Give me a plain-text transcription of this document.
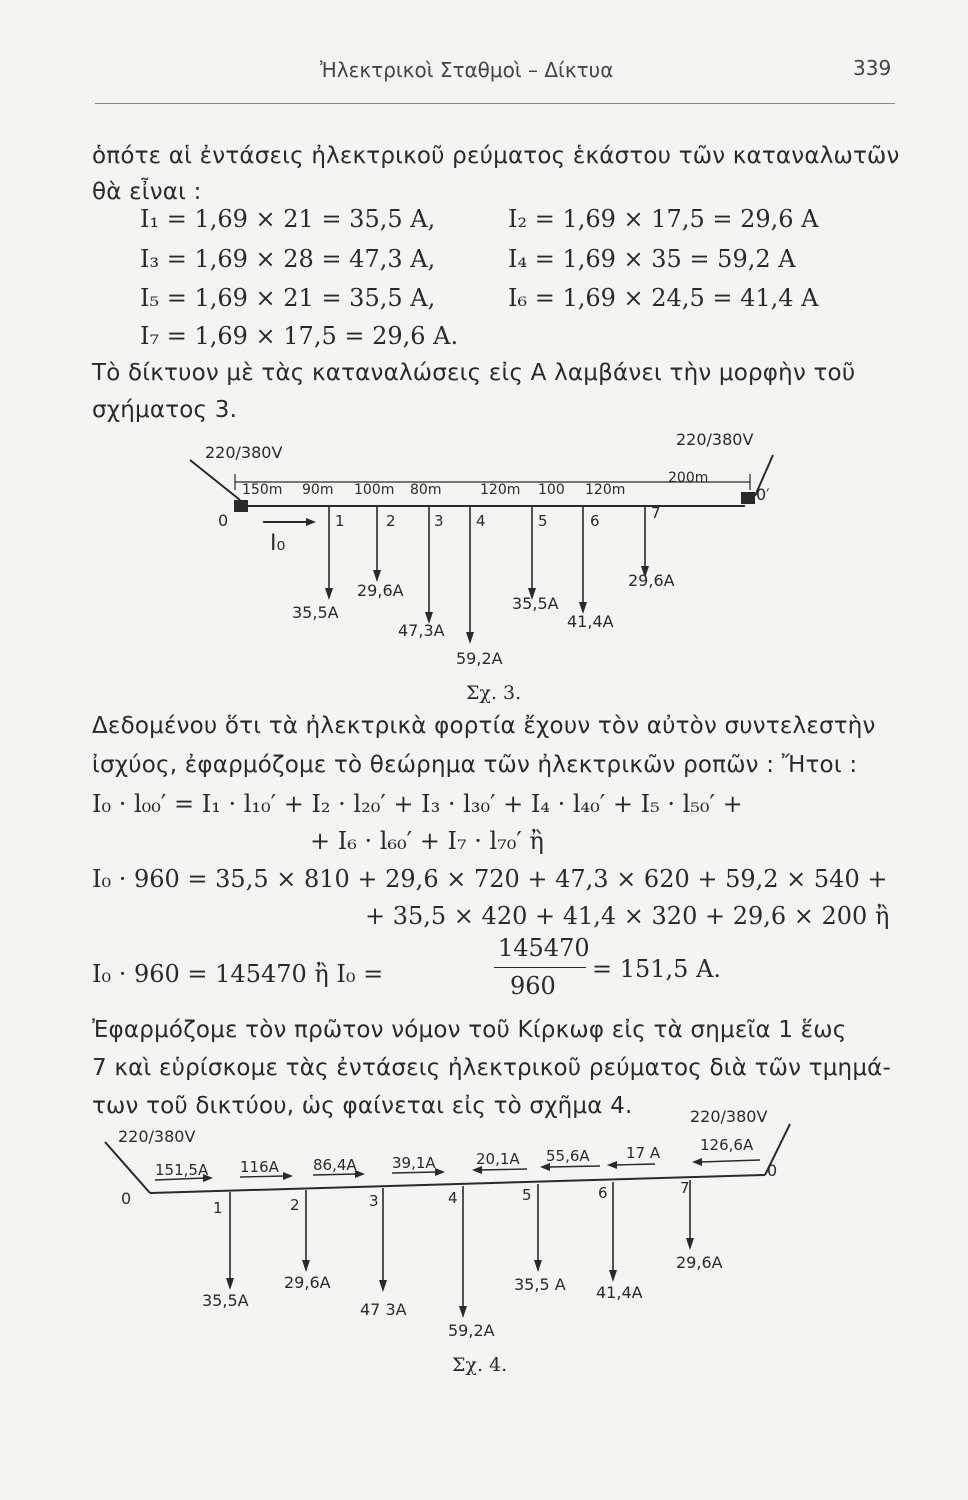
Ἠλεκτρικοὶ Σταθμοὶ – Δίκτυα	339
ὁπότε αἱ ἐντάσεις ἠλεκτρικοῦ ρεύματος ἑκάστου τῶν καταναλωτῶν
θὰ εἶναι :
I₁ = 1,69 × 21 = 35,5 A,	I₂ = 1,69 × 17,5 = 29,6 A
I₃ = 1,69 × 28 = 47,3 A,	I₄ = 1,69 × 35 = 59,2 A
I₅ = 1,69 × 21 = 35,5 A,	I₆ = 1,69 × 24,5 = 41,4 A
I₇ = 1,69 × 17,5 = 29,6 A.
Τὸ δίκτυον μὲ τὰς καταναλώσεις εἰς A λαμβάνει τὴν μορφὴν τοῦ
σχήματος 3.
220/380V
220/380V
0
0′
I₀
150m 90m 100m 80m	120m 100 120m
200m
1	2	3 4	5	6	7
35,5A
29,6A
47,3A
59,2A
35,5A
41,4A
29,6A
Σχ. 3.
Δεδομένου ὅτι τὰ ἠλεκτρικὰ φορτία ἔχουν τὸν αὐτὸν συντελεστὴν
ἰσχύος, ἐφαρμόζομε τὸ θεώρημα τῶν ἠλεκτρικῶν ροπῶν : Ἤτοι :
I₀ · l₀₀′ = I₁ · l₁₀′ + I₂ · l₂₀′ + I₃ · l₃₀′ + I₄ · l₄₀′ + I₅ · l₅₀′ +
+ I₆ · l₆₀′ + I₇ · l₇₀′ ἢ
I₀ · 960 = 35,5 × 810 + 29,6 × 720 + 47,3 × 620 + 59,2 × 540 +
+ 35,5 × 420 + 41,4 × 320 + 29,6 × 200 ἢ
I₀ · 960 = 145470 ἢ I₀ =
145470
960
= 151,5 A.
Ἐφαρμόζομε τὸν πρῶτον νόμον τοῦ Κίρκωφ εἰς τὰ σημεῖα 1 ἕως
7 καὶ εὑρίσκομε τὰς ἐντάσεις ἠλεκτρικοῦ ρεύματος διὰ τῶν τμημά-
των τοῦ δικτύου, ὡς φαίνεται εἰς τὸ σχῆμα 4.
220/380V
220/380V
0
0
151,5A 116A 86,4A 39,1A	20,1A 55,6A 17 A	126,6A
1	2	3	4	5	6	7
35,5A
29,6A
47 3A
59,2A
35,5 A 41,4A
29,6A
Σχ. 4.
